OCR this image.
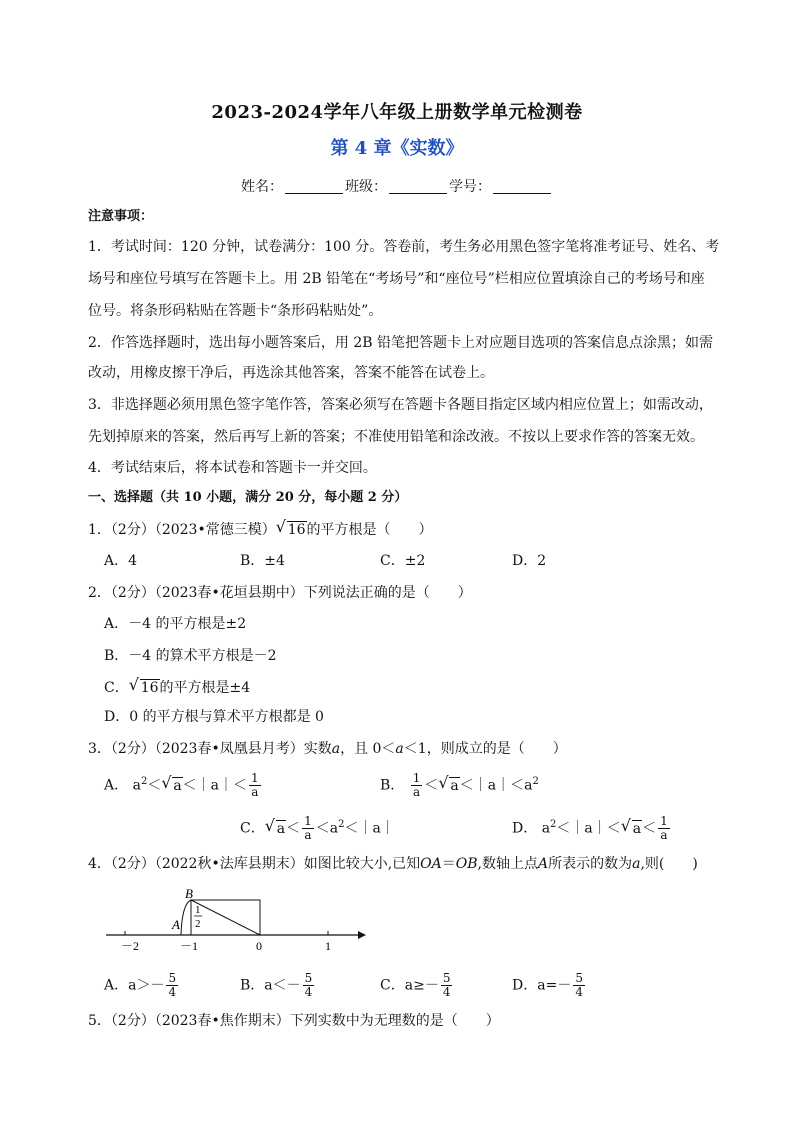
2023-2024学年八年级上册数学单元检测卷
第 4 章《实数》
姓名：	班级：	学号：
注意事项：
1．考试时间：120 分钟，试卷满分：100 分。答卷前，考生务必用黑色签字笔将准考证号、姓名、考
场号和座位号填写在答题卡上。用 2B 铅笔在“考场号”和“座位号”栏相应位置填涂自己的考场号和座
位号。将条形码粘贴在答题卡“条形码粘贴处”。
2．作答选择题时，选出每小题答案后，用 2B 铅笔把答题卡上对应题目选项的答案信息点涂黑；如需
改动，用橡皮擦干净后，再选涂其他答案，答案不能答在试卷上。
3．非选择题必须用黑色签字笔作答，答案必须写在答题卡各题目指定区域内相应位置上；如需改动，
先划掉原来的答案，然后再写上新的答案；不准使用铅笔和涂改液。不按以上要求作答的答案无效。
4．考试结束后，将本试卷和答题卡一并交回。
一、选择题（共 10 小题，满分 20 分，每小题 2 分）
1．（2分）（2023•常德三模） √ 16的平方根是（　　）
A．4	B．±4	C．±2	D．2
2．（2分）（2023春•花垣县期中）下列说法正确的是（　　）
A．－4 的平方根是±2
B．－4 的算术平方根是－2
C． √ 16的平方根是±4
D．0 的平方根与算术平方根都是 0
3．（2分）（2023春•凤凰县月考）实数a，且 0＜a＜1，则成立的是（　　）
A． $a^2<$ √ a＜｜a｜＜ $\frac{1}{a}$	B． $\frac{1}{a}$ ＜ √ $a<|a|<a^2$
C． √ $a< \frac{1}{a}$ $<a^2<|a|$	D． $a^2<|a|<$ √ $a< \frac{1}{a}$
4．（2分）（2022秋•法库县期末）如图比较大小,已知OA＝OB,数轴上点A所表示的数为a,则(　　)
－2	－1	0	1
B
A
1
2
A．$a>- \frac{5}{4}$	B．$a<- \frac{5}{4}$	C．$a\ge- \frac{5}{4}$	D．$a=- \frac{5}{4}$
5．（2分）（2023春•焦作期末）下列实数中为无理数的是（　　）
